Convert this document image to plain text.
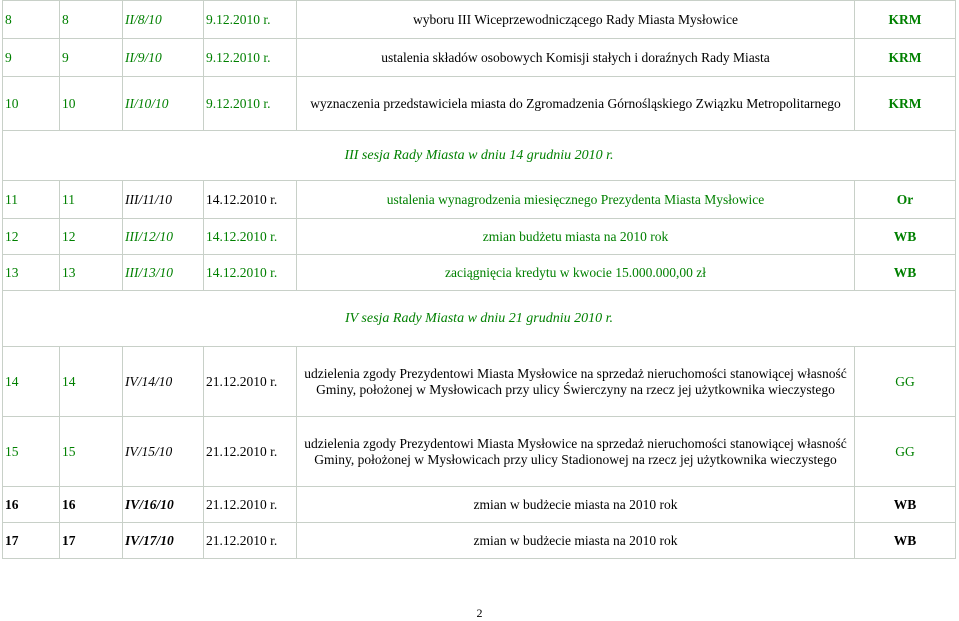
8	8	II/8/10	9.12.2010 r.	wyboru III Wiceprzewodniczącego Rady Miasta Mysłowice	KRM
9	9	II/9/10	9.12.2010 r.	ustalenia składów osobowych Komisji stałych i doraźnych Rady Miasta	KRM
10	10	II/10/10	9.12.2010 r.	wyznaczenia przedstawiciela miasta do Zgromadzenia Górnośląskiego Związku Metropolitarnego	KRM
III sesja Rady Miasta w dniu 14 grudniu 2010 r.					
11	11	III/11/10	14.12.2010 r.	ustalenia wynagrodzenia miesięcznego Prezydenta Miasta Mysłowice	Or
12	12	III/12/10	14.12.2010 r.	zmian budżetu miasta na 2010 rok	WB
13	13	III/13/10	14.12.2010 r.	zaciągnięcia kredytu w kwocie 15.000.000,00 zł	WB
IV sesja Rady Miasta w dniu 21 grudniu 2010 r.					
14	14	IV/14/10	21.12.2010 r.	udzielenia zgody Prezydentowi Miasta Mysłowice na sprzedaż nieruchomości stanowiącej własność Gminy, położonej w Mysłowicach przy ulicy Świerczyny na rzecz jej użytkownika wieczystego	GG
15	15	IV/15/10	21.12.2010 r.	udzielenia zgody Prezydentowi Miasta Mysłowice na sprzedaż nieruchomości stanowiącej własność Gminy, położonej w Mysłowicach przy ulicy Stadionowej na rzecz jej użytkownika wieczystego	GG
16	16	IV/16/10	21.12.2010 r.	zmian w budżecie miasta na 2010 rok	WB
17	17	IV/17/10	21.12.2010 r.	zmian w budżecie miasta na 2010 rok	WB
2
